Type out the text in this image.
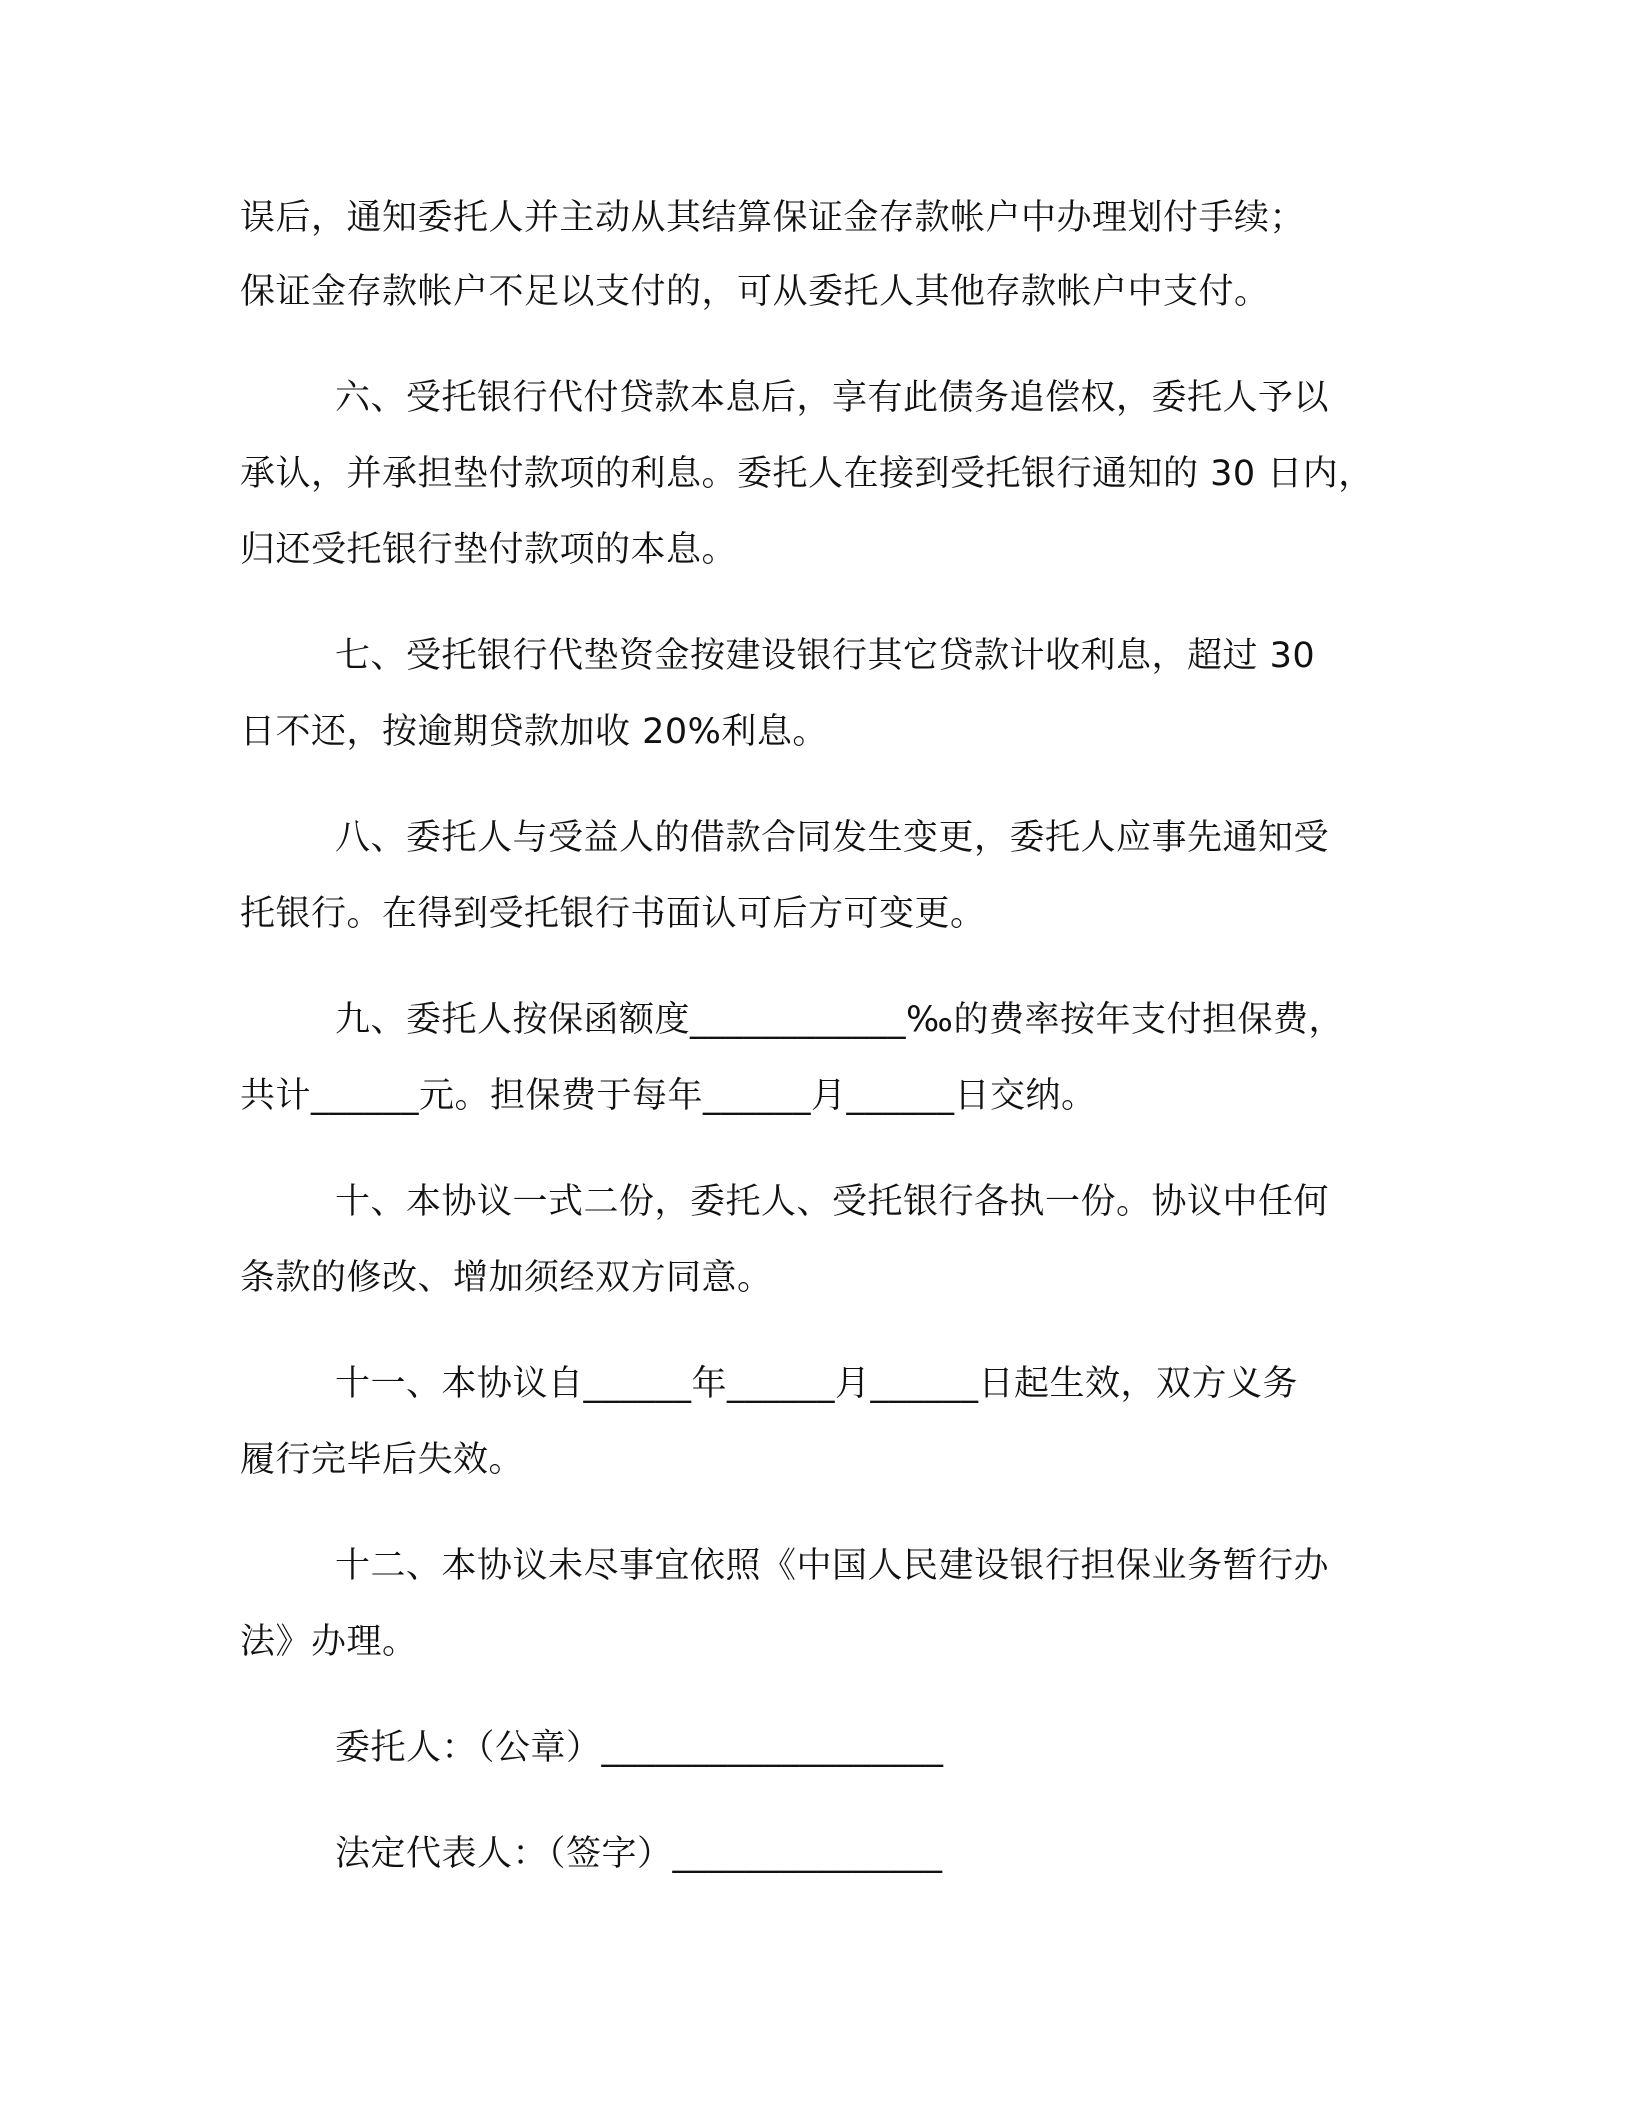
误后，通知委托人并主动从其结算保证金存款帐户中办理划付手续；
保证金存款帐户不足以支付的，可从委托人其他存款帐户中支付。
六、受托银行代付贷款本息后，享有此债务追偿权，委托人予以
承认，并承担垫付款项的利息。委托人在接到受托银行通知的 30 日内，
归还受托银行垫付款项的本息。
七、受托银行代垫资金按建设银行其它贷款计收利息，超过 30
日不还，按逾期贷款加收 20%利息。
八、委托人与受益人的借款合同发生变更，委托人应事先通知受
托银行。在得到受托银行书面认可后方可变更。
九、委托人按保函额度____________‰的费率按年支付担保费，
共计______元。担保费于每年______月______日交纳。
十、本协议一式二份，委托人、受托银行各执一份。协议中任何
条款的修改、增加须经双方同意。
十一、本协议自______年______月______日起生效，双方义务
履行完毕后失效。
十二、本协议未尽事宜依照《中国人民建设银行担保业务暂行办
法》办理。
委托人：（公章）___________________
法定代表人：（签字）_______________
